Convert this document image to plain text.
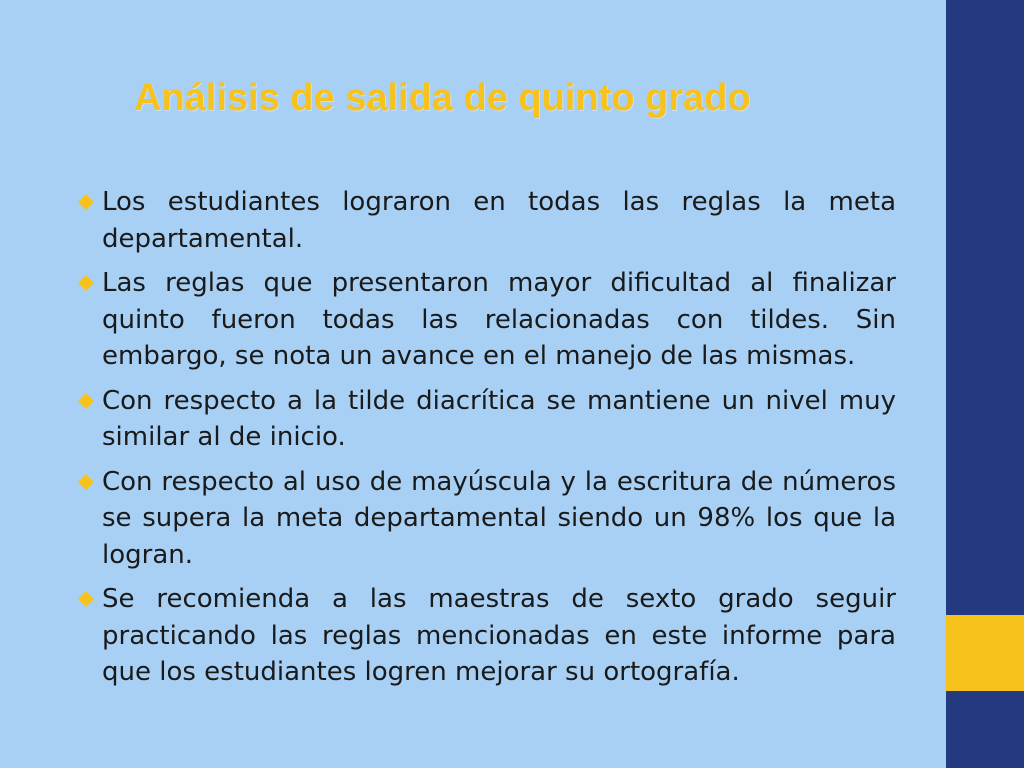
Análisis de salida de quinto grado
Los estudiantes lograron en todas las reglas la meta departamental.
Las reglas que presentaron mayor dificultad al finalizar quinto fueron todas las relacionadas con tildes. Sin embargo, se nota un avance en el manejo de las mismas.
Con respecto a la tilde diacrítica se mantiene un nivel muy similar al de inicio.
Con respecto al uso de mayúscula y la escritura de números se supera la meta departamental siendo un 98% los que la logran.
Se recomienda a las maestras de sexto grado seguir practicando las reglas mencionadas en este informe para que los estudiantes logren mejorar su ortografía.
